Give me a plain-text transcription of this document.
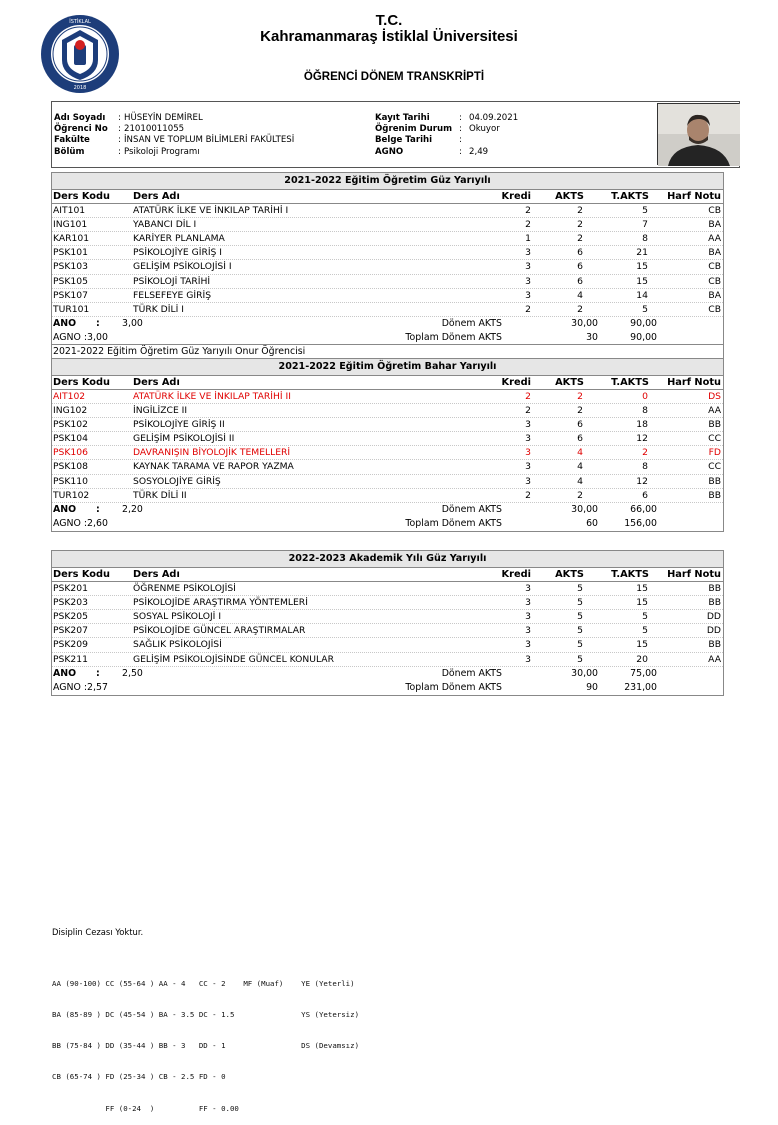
2018
İSTİKLAL	T.C.
Kahramanmaraş İstiklal Üniversitesi
ÖĞRENCİ DÖNEM TRANSKRİPTİ
Adı Soyadı	: HÜSEYİN DEMİREL
Öğrenci No	: 21010011055
Fakülte	: İNSAN VE TOPLUM BİLİMLERİ FAKÜLTESİ
Bölüm	: Psikoloji Programı
Kayıt Tarihi	: 04.09.2021
Öğrenim Durum : Okuyor
Belge Tarihi	:
AGNO	: 2,49
2021-2022 Eğitim Öğretim Güz Yarıyılı
Ders Kodu Ders Adı	Kredi AKTS	T.AKTS Harf Notu
AIT101	ATATÜRK İLKE VE İNKILAP TARİHİ I	2	2	5	CB
ING101	YABANCI DİL I	2	2	7	BA
KAR101	KARİYER PLANLAMA	1	2	8	AA
PSK101	PSİKOLOJİYE GİRİŞ I	3	6	21	BA
PSK103	GELİŞİM PSİKOLOJİSİ I	3	6	15	CB
PSK105	PSİKOLOJİ TARİHİ	3	6	15	CB
PSK107	FELSEFEYE GİRİŞ	3	4	14	BA
TUR101	TÜRK DİLİ I	2	2	5	CB
ANO : 3,00	Dönem AKTS	30,00	90,00
AGNO :3,00	Toplam Dönem AKTS	30	90,00
2021-2022 Eğitim Öğretim Güz Yarıyılı Onur Öğrencisi
2021-2022 Eğitim Öğretim Bahar Yarıyılı
Ders Kodu Ders Adı	Kredi AKTS	T.AKTS Harf Notu
AIT102	ATATÜRK İLKE VE İNKILAP TARİHİ II	2	2	0	DS
ING102	İNGİLİZCE II	2	2	8	AA
PSK102	PSİKOLOJİYE GİRİŞ II	3	6	18	BB
PSK104	GELİŞİM PSİKOLOJİSİ II	3	6	12	CC
PSK106	DAVRANIŞIN BİYOLOJİK TEMELLERİ	3	4	2	FD
PSK108	KAYNAK TARAMA VE RAPOR YAZMA	3	4	8	CC
PSK110	SOSYOLOJİYE GİRİŞ	3	4	12	BB
TUR102	TÜRK DİLİ II	2	2	6	BB
ANO : 2,20	Dönem AKTS	30,00	66,00
AGNO :2,60	Toplam Dönem AKTS	60	156,00
2022-2023 Akademik Yılı Güz Yarıyılı
Ders Kodu Ders Adı	Kredi AKTS	T.AKTS Harf Notu
PSK201	ÖĞRENME PSİKOLOJİSİ	3	5	15	BB
PSK203	PSİKOLOJİDE ARAŞTIRMA YÖNTEMLERİ	3	5	15	BB
PSK205	SOSYAL PSİKOLOJİ I	3	5	5	DD
PSK207	PSİKOLOJİDE GÜNCEL ARAŞTIRMALAR	3	5	5	DD
PSK209	SAĞLIK PSİKOLOJİSİ	3	5	15	BB
PSK211	GELİŞİM PSİKOLOJİSİNDE GÜNCEL KONULAR	3	5	20	AA
ANO : 2,50	Dönem AKTS	30,00	75,00
AGNO :2,57	Toplam Dönem AKTS	90	231,00
Disiplin Cezası Yoktur.

AA (90-100) CC (55-64 ) AA - 4   CC - 2    MF (Muaf)    YE (Yeterli)

BA (85-89 ) DC (45-54 ) BA - 3.5 DC - 1.5               YS (Yetersiz)

BB (75-84 ) DD (35-44 ) BB - 3   DD - 1                 DS (Devamsız)

CB (65-74 ) FD (25-34 ) CB - 2.5 FD - 0

FF (0-24  )          FF - 0.00
